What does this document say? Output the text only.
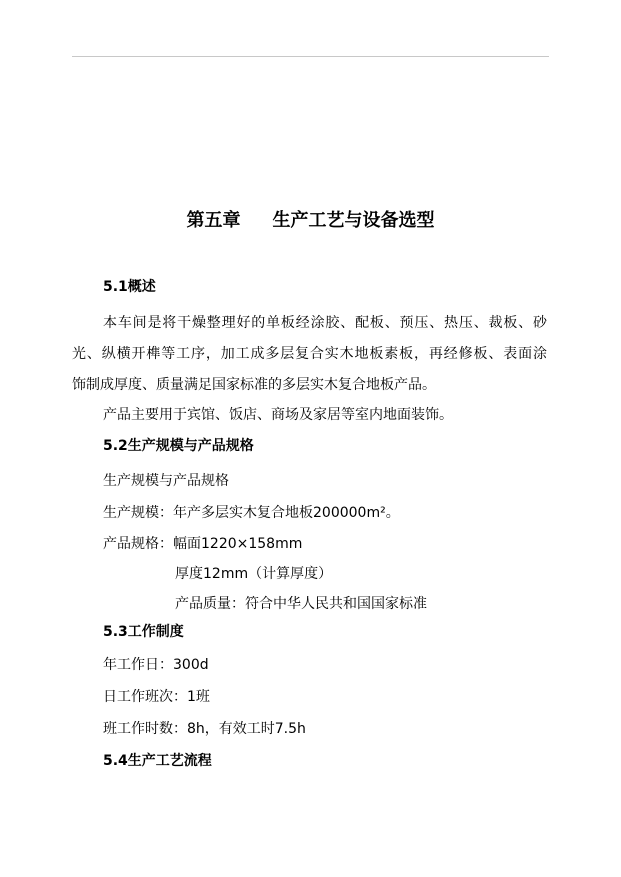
第五章 生产工艺与设备选型
5.1概述
本车间是将干燥整理好的单板经涂胶、配板、预压、热压、裁板、砂
光、纵横开榫等工序，加工成多层复合实木地板素板，再经修板、表面涂
饰制成厚度、质量满足国家标准的多层实木复合地板产品。
产品主要用于宾馆、饭店、商场及家居等室内地面装饰。
5.2生产规模与产品规格
生产规模与产品规格
生产规模：年产多层实木复合地板200000m²。
产品规格：幅面1220×158mm
厚度12mm（计算厚度）
产品质量：符合中华人民共和国国家标准
5.3工作制度
年工作日：300d
日工作班次：1班
班工作时数：8h，有效工时7.5h
5.4生产工艺流程
